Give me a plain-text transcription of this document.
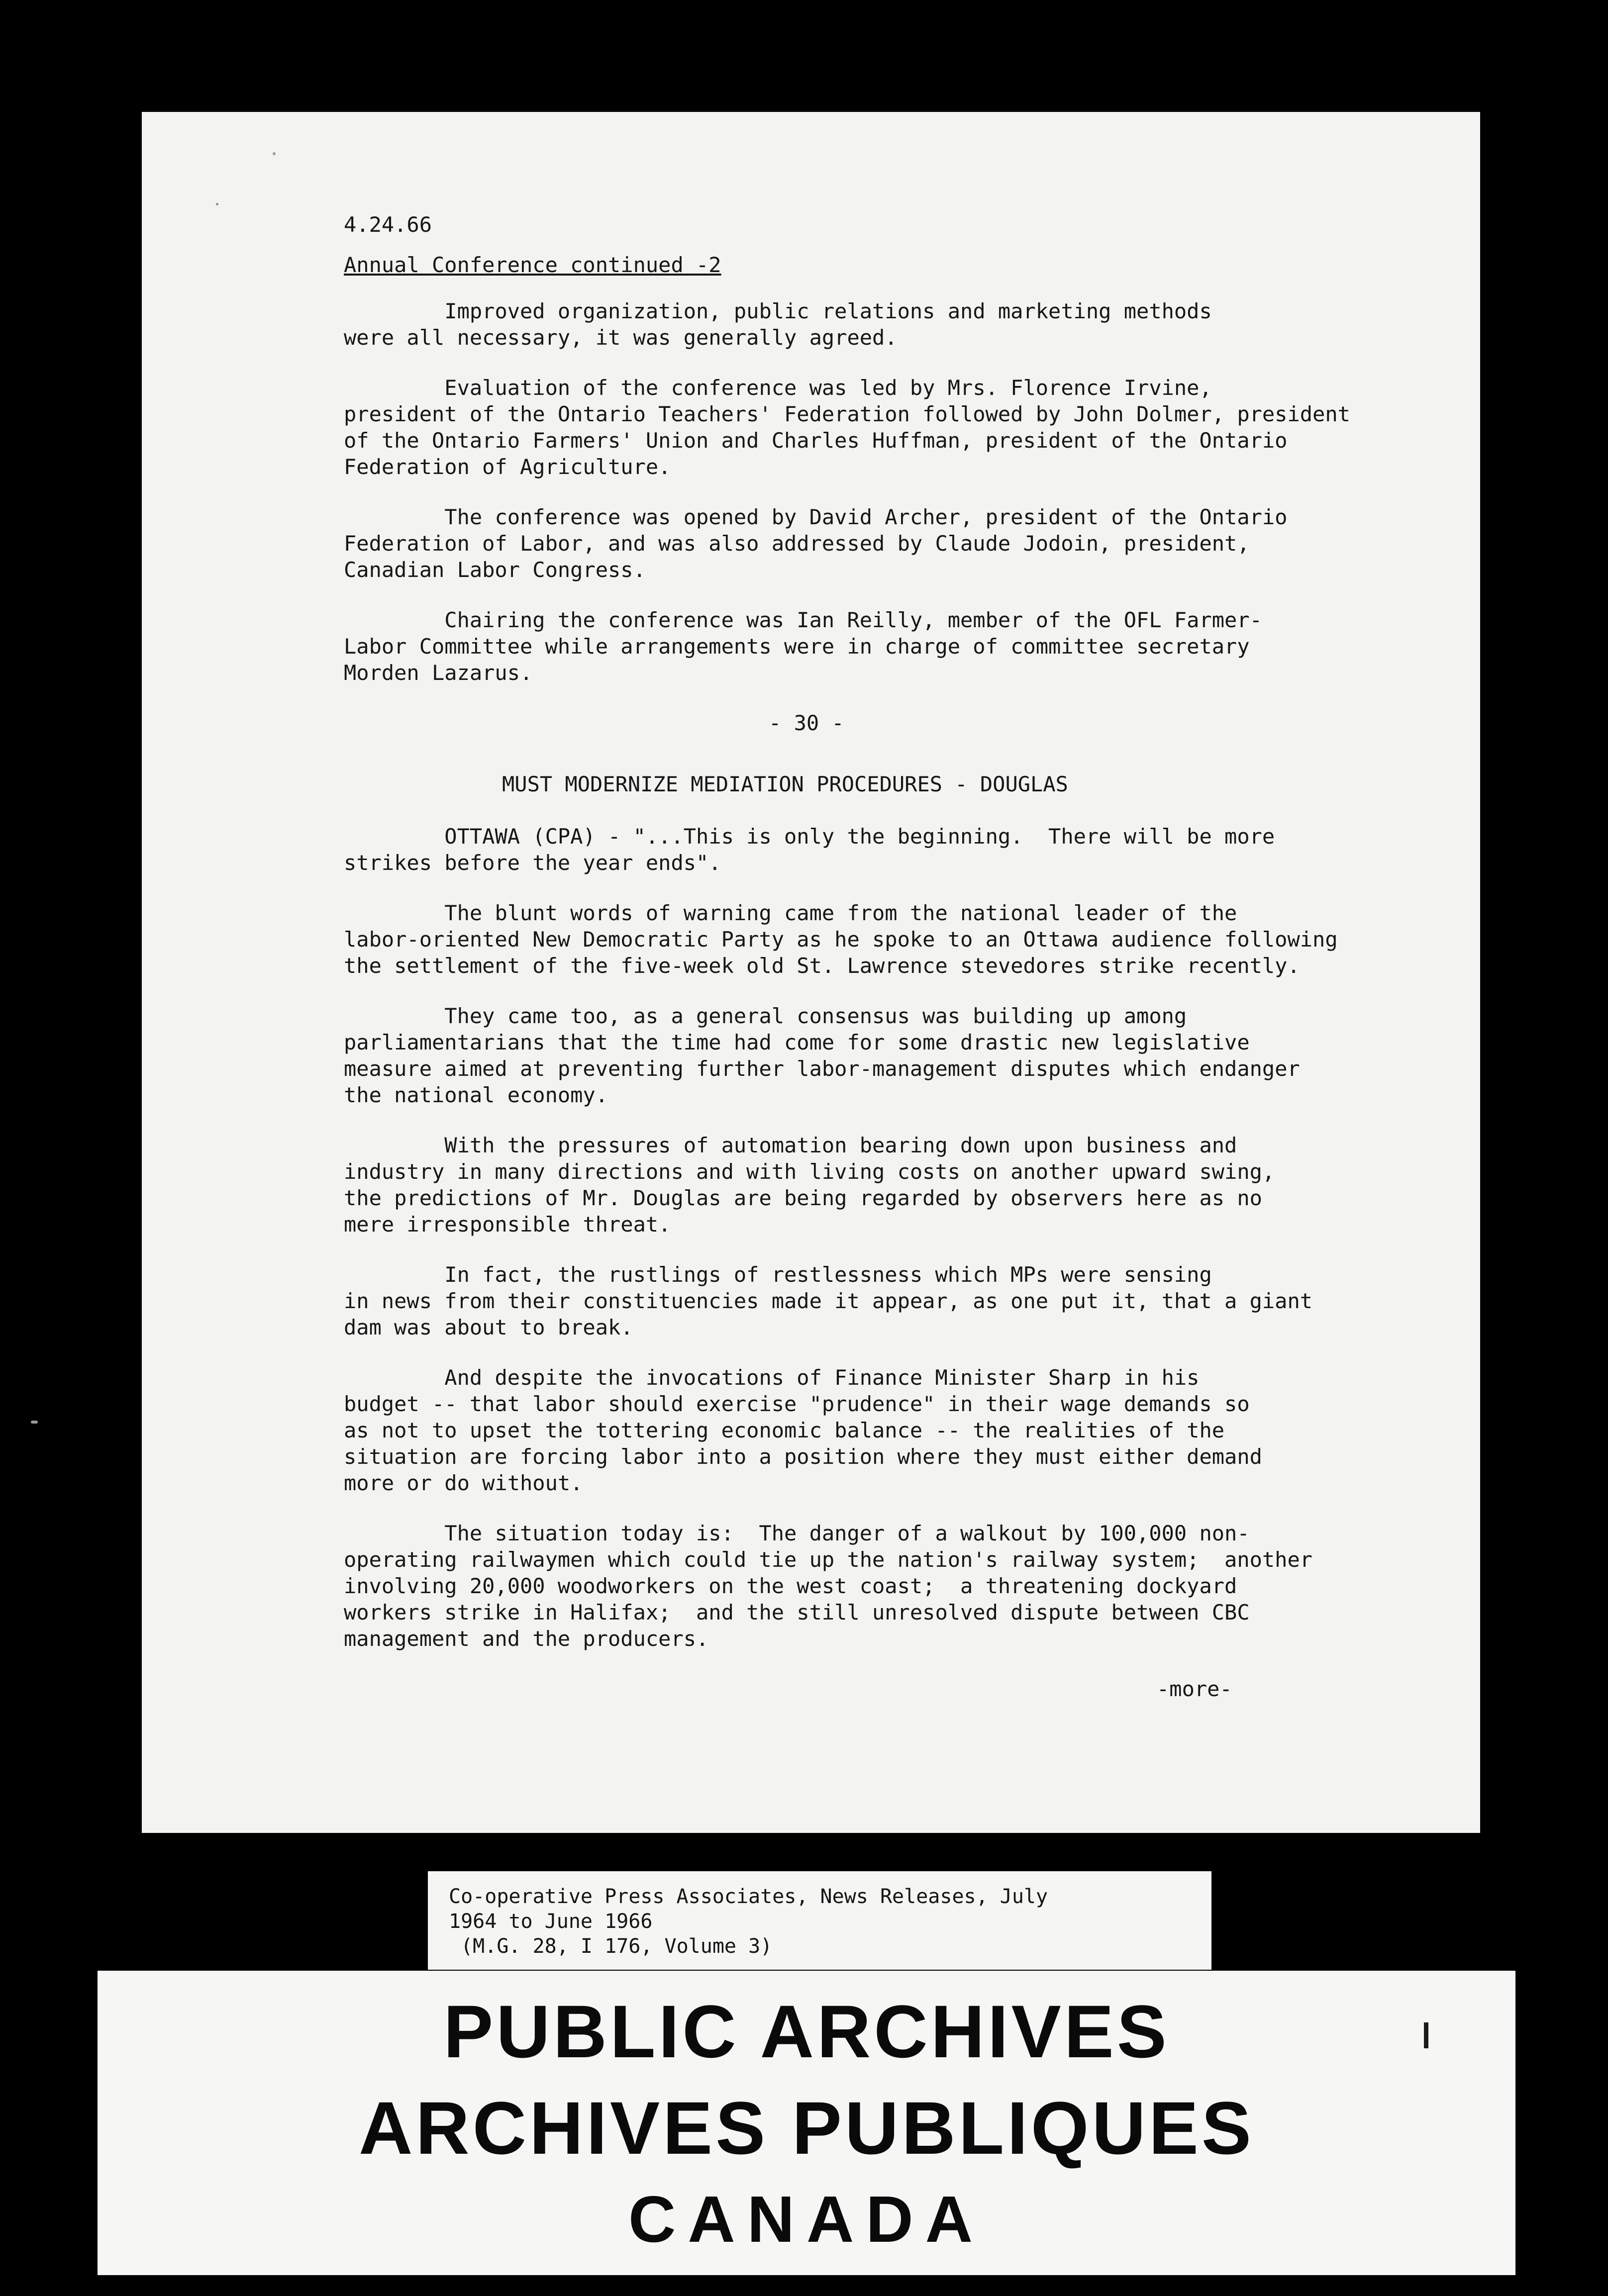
4.24.66

Annual Conference continued -2

Improved organization, public relations and marketing methods
were all necessary, it was generally agreed.

Evaluation of the conference was led by Mrs. Florence Irvine,
president of the Ontario Teachers' Federation followed by John Dolmer, president
of the Ontario Farmers' Union and Charles Huffman, president of the Ontario
Federation of Agriculture.

The conference was opened by David Archer, president of the Ontario
Federation of Labor, and was also addressed by Claude Jodoin, president,
Canadian Labor Congress.

Chairing the conference was Ian Reilly, member of the OFL Farmer-
Labor Committee while arrangements were in charge of committee secretary
Morden Lazarus.

- 30 -

MUST MODERNIZE MEDIATION PROCEDURES - DOUGLAS

OTTAWA (CPA) - "...This is only the beginning.  There will be more
strikes before the year ends".

The blunt words of warning came from the national leader of the
labor-oriented New Democratic Party as he spoke to an Ottawa audience following
the settlement of the five-week old St. Lawrence stevedores strike recently.

They came too, as a general consensus was building up among
parliamentarians that the time had come for some drastic new legislative
measure aimed at preventing further labor-management disputes which endanger
the national economy.

With the pressures of automation bearing down upon business and
industry in many directions and with living costs on another upward swing,
the predictions of Mr. Douglas are being regarded by observers here as no
mere irresponsible threat.

In fact, the rustlings of restlessness which MPs were sensing
in news from their constituencies made it appear, as one put it, that a giant
dam was about to break.

And despite the invocations of Finance Minister Sharp in his
budget -- that labor should exercise "prudence" in their wage demands so
as not to upset the tottering economic balance -- the realities of the
situation are forcing labor into a position where they must either demand
more or do without.

The situation today is:  The danger of a walkout by 100,000 non-
operating railwaymen which could tie up the nation's railway system;  another
involving 20,000 woodworkers on the west coast;  a threatening dockyard
workers strike in Halifax;  and the still unresolved dispute between CBC
management and the producers.

-more-

Co-operative Press Associates, News Releases, July
1964 to June 1966
(M.G. 28, I 176, Volume 3)

PUBLIC ARCHIVES

ARCHIVES PUBLIQUES

CANADA
